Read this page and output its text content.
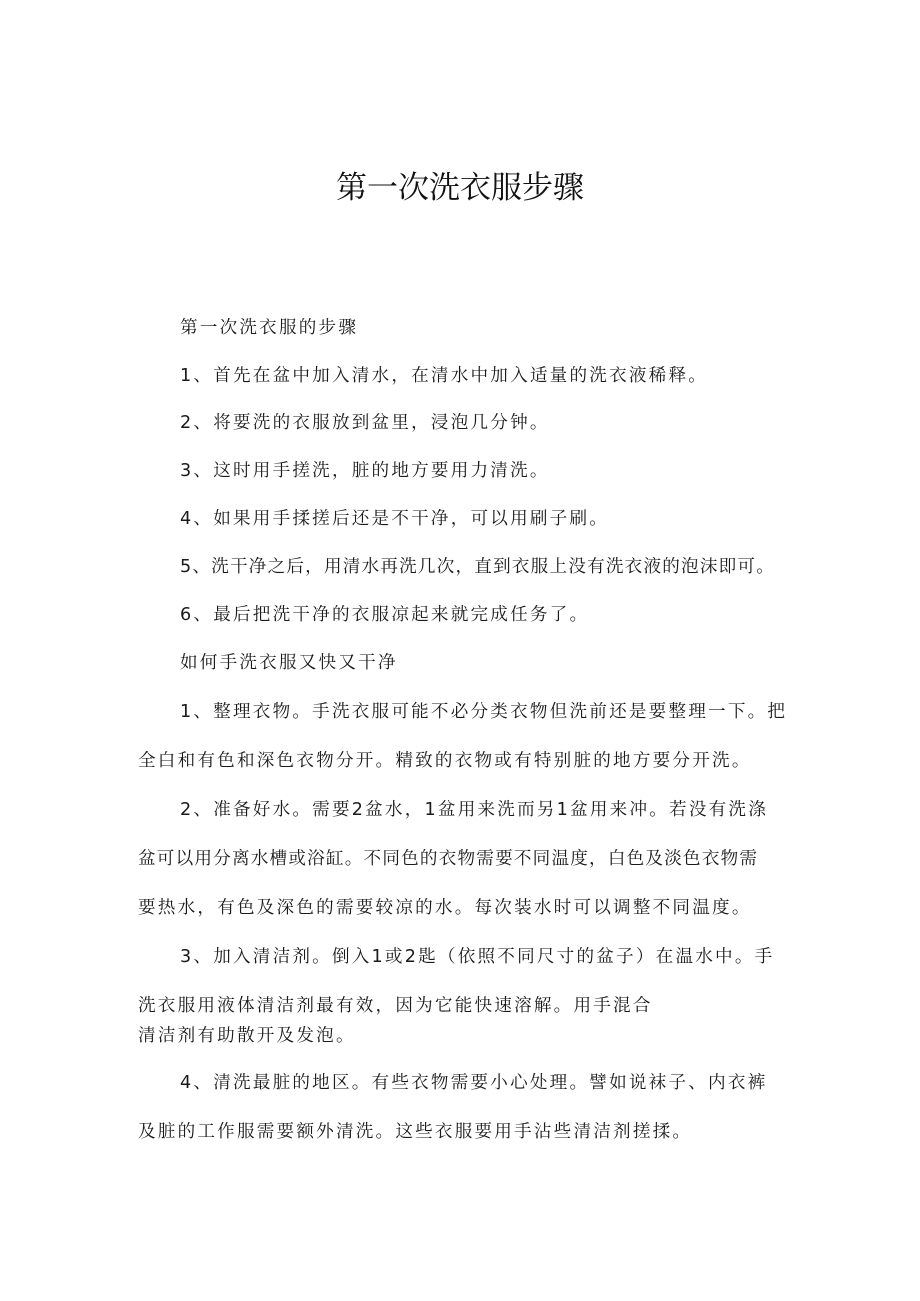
第一次洗衣服步骤
第一次洗衣服的步骤
1、首先在盆中加入清水，在清水中加入适量的洗衣液稀释。
2、将要洗的衣服放到盆里，浸泡几分钟。
3、这时用手搓洗，脏的地方要用力清洗。
4、如果用手揉搓后还是不干净，可以用刷子刷。
5、洗干净之后，用清水再洗几次，直到衣服上没有洗衣液的泡沫即可。
6、最后把洗干净的衣服凉起来就完成任务了。
如何手洗衣服又快又干净
1、整理衣物。手洗衣服可能不必分类衣物但洗前还是要整理一下。把
全白和有色和深色衣物分开。精致的衣物或有特别脏的地方要分开洗。
2、准备好水。需要2盆水，1盆用来洗而另1盆用来冲。若没有洗涤
盆可以用分离水槽或浴缸。不同色的衣物需要不同温度，白色及淡色衣物需
要热水，有色及深色的需要较凉的水。每次装水时可以调整不同温度。
3、加入清洁剂。倒入1或2匙（依照不同尺寸的盆子）在温水中。手
洗衣服用液体清洁剂最有效，因为它能快速溶解。用手混合
清洁剂有助散开及发泡。
4、清洗最脏的地区。有些衣物需要小心处理。譬如说袜子、内衣裤
及脏的工作服需要额外清洗。这些衣服要用手沾些清洁剂搓揉。
